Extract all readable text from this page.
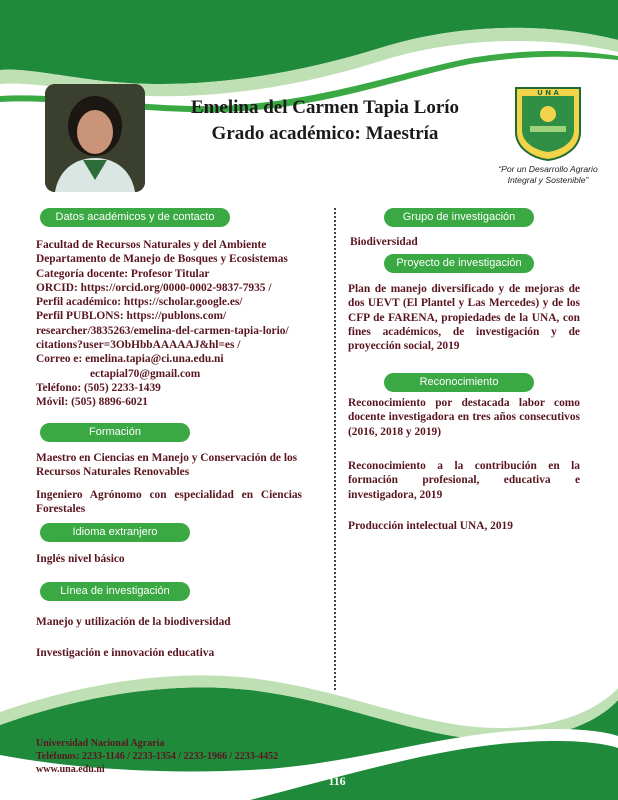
Emelina del Carmen Tapia Lorío
Grado académico: Maestría
U N A
“Por un Desarrollo Agrario
Integral y Sostenible”
Datos académicos y de contacto
Facultad de Recursos Naturales y del Ambiente
Departamento de Manejo de Bosques y Ecosistemas
Categoría docente: Profesor Titular
ORCID: https://orcid.org/0000-0002-9837-7935 /
Perfil académico: https://scholar.google.es/
Perfil PUBLONS: https://publons.com/
researcher/3835263/emelina-del-carmen-tapia-lorio/
citations?user=3ObHbbAAAAAJ&hl=es /
Correo e: emelina.tapia@ci.una.edu.ni
ectapial70@gmail.com
Teléfono: (505) 2233-1439
Móvil: (505) 8896-6021
Formación
Maestro en Ciencias en Manejo y Conservación de los Recursos Naturales Renovables
Ingeniero Agrónomo con especialidad en Ciencias Forestales
Idioma extranjero
Inglés nivel básico
Línea de investigación
Manejo y utilización de la biodiversidad
Investigación e innovación educativa
Grupo de investigación
Biodiversidad
Proyecto de investigación
Plan de manejo diversificado y de mejoras de dos UEVT (El Plantel y Las Mercedes) y de los CFP de FARENA, propiedades de la UNA, con fines académicos, de investigación y de proyección social, 2019
Reconocimiento
Reconocimiento por destacada labor como docente investigadora en tres años consecutivos (2016, 2018 y 2019)
Reconocimiento a la contribución en la formación profesional, educativa e investigadora, 2019
Producción intelectual UNA, 2019
Universidad Nacional Agraria
Teléfonos: 2233-1146 / 2233-1354 / 2233-1966 / 2233-4452
www.una.edu.ni
116
